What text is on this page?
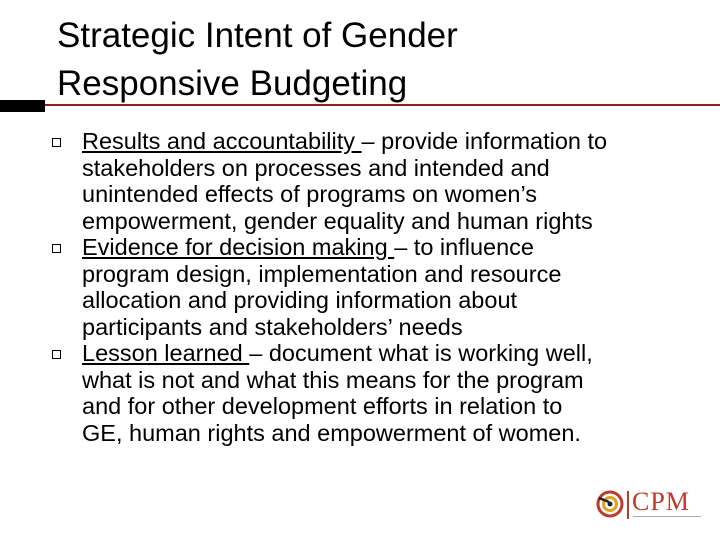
Strategic Intent of Gender
Responsive Budgeting
Results and accountability – provide information to
stakeholders on processes and intended and
unintended effects of programs on women’s
empowerment, gender equality and human rights
Evidence for decision making – to influence
program design, implementation and resource
allocation and providing information about
participants and stakeholders’ needs
Lesson learned – document what is working well,
what is not and what this means for the program
and for other development efforts in relation to
GE, human rights and empowerment of women.
CPM
